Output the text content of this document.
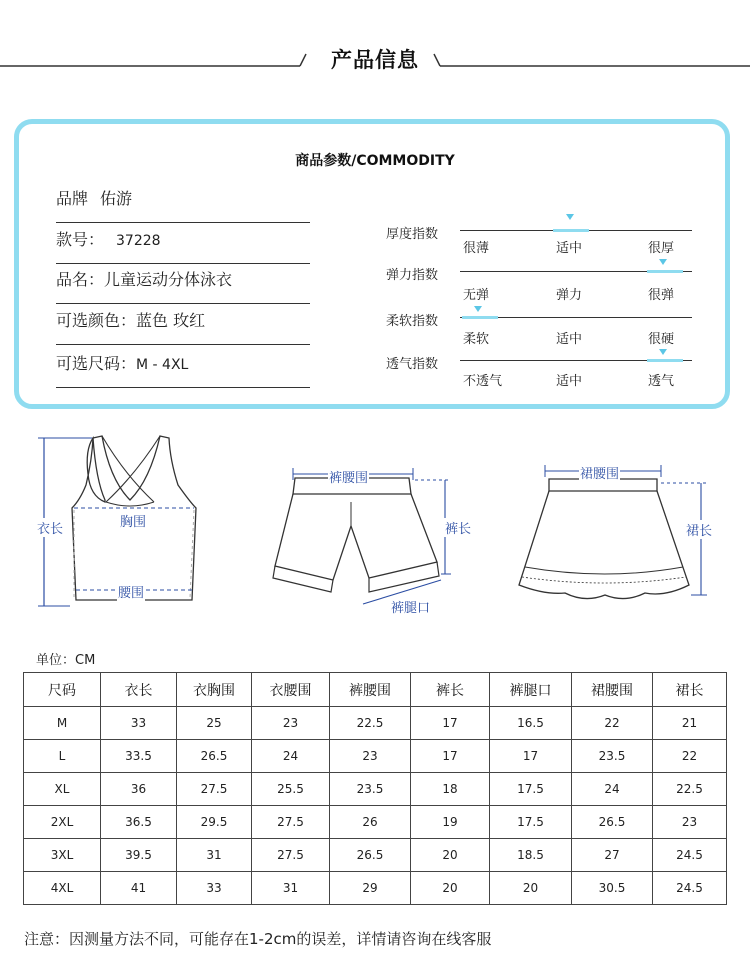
产品信息
商品参数/COMMODITY
品牌 佑游
款号： 37228
品名：儿童运动分体泳衣
可选颜色：蓝色 玫红
可选尺码：M - 4XL
厚度指数
很薄	适中	很厚
弹力指数
无弹	弹力	很弹
柔软指数
柔软	适中	很硬
透气指数
不透气	适中	透气
衣长	胸围
腰围
裤腰围
裤长
裤腿口
裙腰围
裙长
单位：CM
尺码	衣长	衣胸围	衣腰围	裤腰围	裤长	裤腿口	裙腰围	裙长
M	33	25	23	22.5	17	16.5	22	21
L	33.5	26.5	24	23	17	17	23.5	22
XL	36	27.5	25.5	23.5	18	17.5	24	22.5
2XL	36.5	29.5	27.5	26	19	17.5	26.5	23
3XL	39.5	31	27.5	26.5	20	18.5	27	24.5
4XL	41	33	31	29	20	20	30.5	24.5
注意：因测量方法不同，可能存在1-2cm的误差，详情请咨询在线客服
